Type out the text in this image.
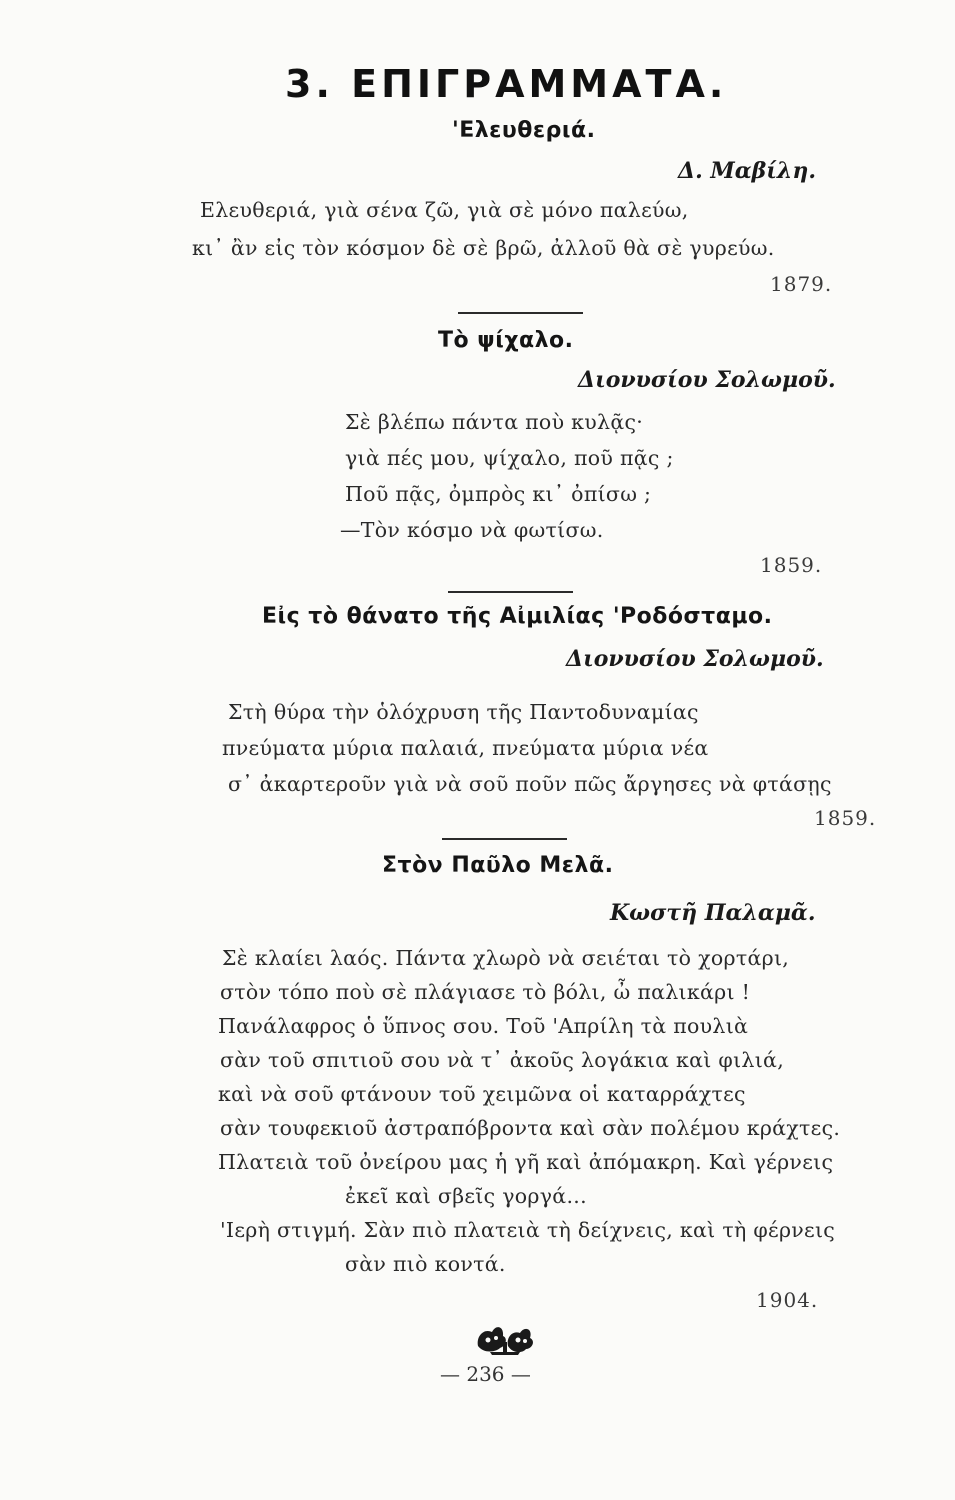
3. ΕΠΙΓΡΑΜΜΑΤΑ.
'Ελευθεριά.
Δ. Μαβίλη.
Ελευθεριά, γιὰ σένα ζῶ, γιὰ σὲ μόνο παλεύω,
κι᾿ ἂν εἰς τὸν κόσμον δὲ σὲ βρῶ, ἀλλοῦ θὰ σὲ γυρεύω.
1879.
Τὸ ψίχαλο.
Διονυσίου Σολωμοῦ.
Σὲ βλέπω πάντα ποὺ κυλᾷς·
γιὰ πές μου, ψίχαλο, ποῦ πᾷς ;
Ποῦ πᾷς, ὀμπρὸς κι᾿ ὀπίσω ;
—Τὸν κόσμο νὰ φωτίσω.
1859.
Εἰς τὸ θάνατο τῆς Αἰμιλίας 'Ροδόσταμο.
Διονυσίου Σολωμοῦ.
Στὴ θύρα τὴν ὁλόχρυση τῆς Παντοδυναμίας
πνεύματα μύρια παλαιά, πνεύματα μύρια νέα
σ᾿ ἀκαρτεροῦν γιὰ νὰ σοῦ ποῦν πῶς ἄργησες νὰ φτάσῃς
1859.
Στὸν Παῦλο Μελᾶ.
Κωστῆ Παλαμᾶ.
Σὲ κλαίει λαός. Πάντα χλωρὸ νὰ σειέται τὸ χορτάρι,
στὸν τόπο ποὺ σὲ πλάγιασε τὸ βόλι, ὦ παλικάρι !
Πανάλαφρος ὁ ὕπνος σου. Τοῦ 'Απρίλη τὰ πουλιὰ
σὰν τοῦ σπιτιοῦ σου νὰ τ᾿ ἀκοῦς λογάκια καὶ φιλιά,
καὶ νὰ σοῦ φτάνουν τοῦ χειμῶνα οἱ καταρράχτες
σὰν τουφεκιοῦ ἀστραπόβροντα καὶ σὰν πολέμου κράχτες.
Πλατειὰ τοῦ ὀνείρου μας ἡ γῆ καὶ ἀπόμακρη. Καὶ γέρνεις
ἐκεῖ καὶ σβεῖς γοργά...
'Ιερὴ στιγμή. Σὰν πιὸ πλατειὰ τὴ δείχνεις, καὶ τὴ φέρνεις
σὰν πιὸ κοντά.
1904.
— 236 —
